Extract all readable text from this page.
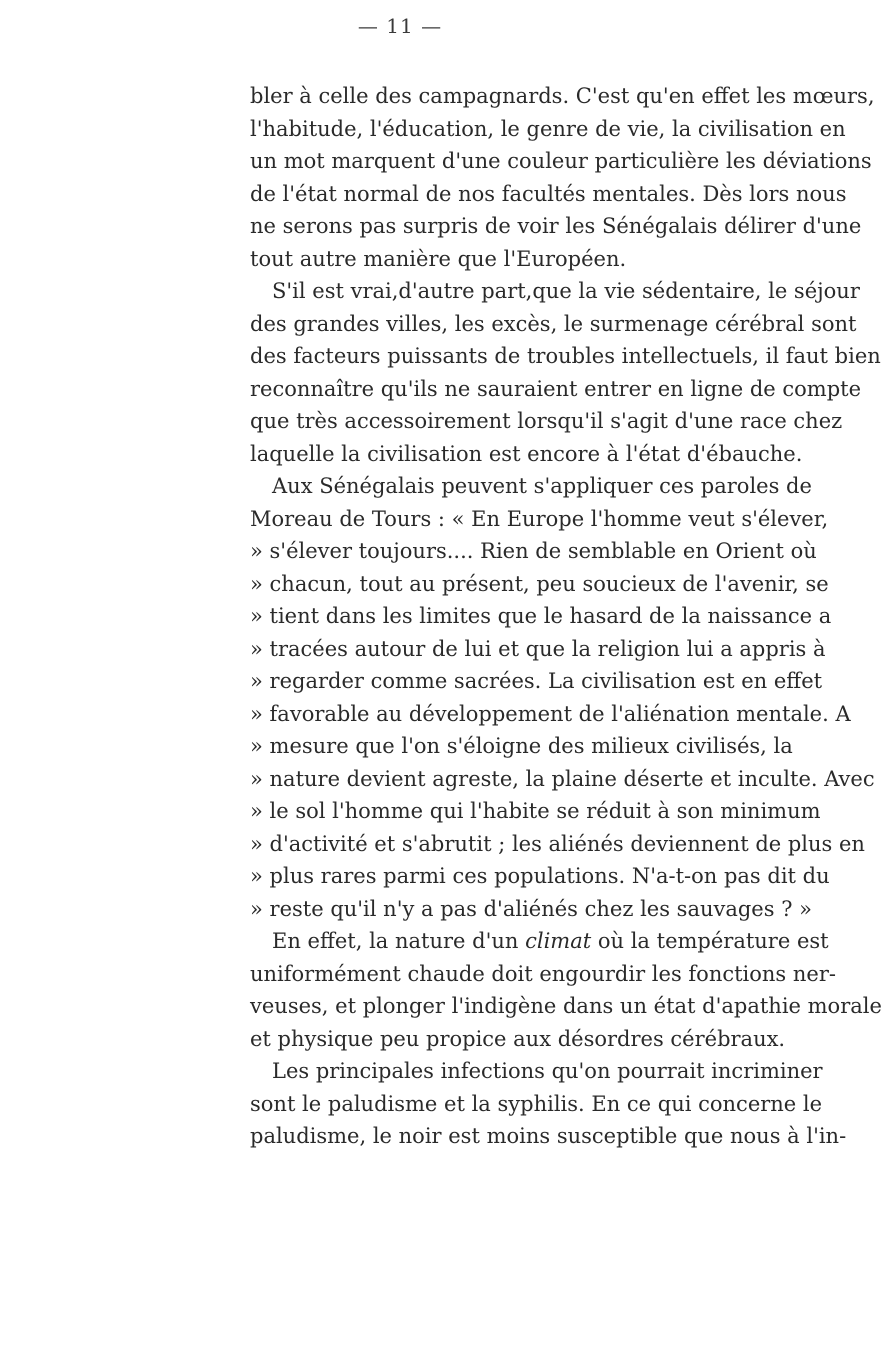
— 11 —
bler à celle des campagnards. C'est qu'en effet les mœurs,
l'habitude, l'éducation, le genre de vie, la civilisation en
un mot marquent d'une couleur particulière les déviations
de l'état normal de nos facultés mentales. Dès lors nous
ne serons pas surpris de voir les Sénégalais délirer d'une
tout autre manière que l'Européen.
S'il est vrai,d'autre part,que la vie sédentaire, le séjour
des grandes villes, les excès, le surmenage cérébral sont
des facteurs puissants de troubles intellectuels, il faut bien
reconnaître qu'ils ne sauraient entrer en ligne de compte
que très accessoirement lorsqu'il s'agit d'une race chez
laquelle la civilisation est encore à l'état d'ébauche.
Aux Sénégalais peuvent s'appliquer ces paroles de
Moreau de Tours : « En Europe l'homme veut s'élever,
» s'élever toujours.... Rien de semblable en Orient où
» chacun, tout au présent, peu soucieux de l'avenir, se
» tient dans les limites que le hasard de la naissance a
» tracées autour de lui et que la religion lui a appris à
» regarder comme sacrées. La civilisation est en effet
» favorable au développement de l'aliénation mentale. A
» mesure que l'on s'éloigne des milieux civilisés, la
» nature devient agreste, la plaine déserte et inculte. Avec
» le sol l'homme qui l'habite se réduit à son minimum
» d'activité et s'abrutit ; les aliénés deviennent de plus en
» plus rares parmi ces populations. N'a-t-on pas dit du
» reste qu'il n'y a pas d'aliénés chez les sauvages ? »
En effet, la nature d'un climat où la température est
uniformément chaude doit engourdir les fonctions ner-
veuses, et plonger l'indigène dans un état d'apathie morale
et physique peu propice aux désordres cérébraux.
Les principales infections qu'on pourrait incriminer
sont le paludisme et la syphilis. En ce qui concerne le
paludisme, le noir est moins susceptible que nous à l'in-
